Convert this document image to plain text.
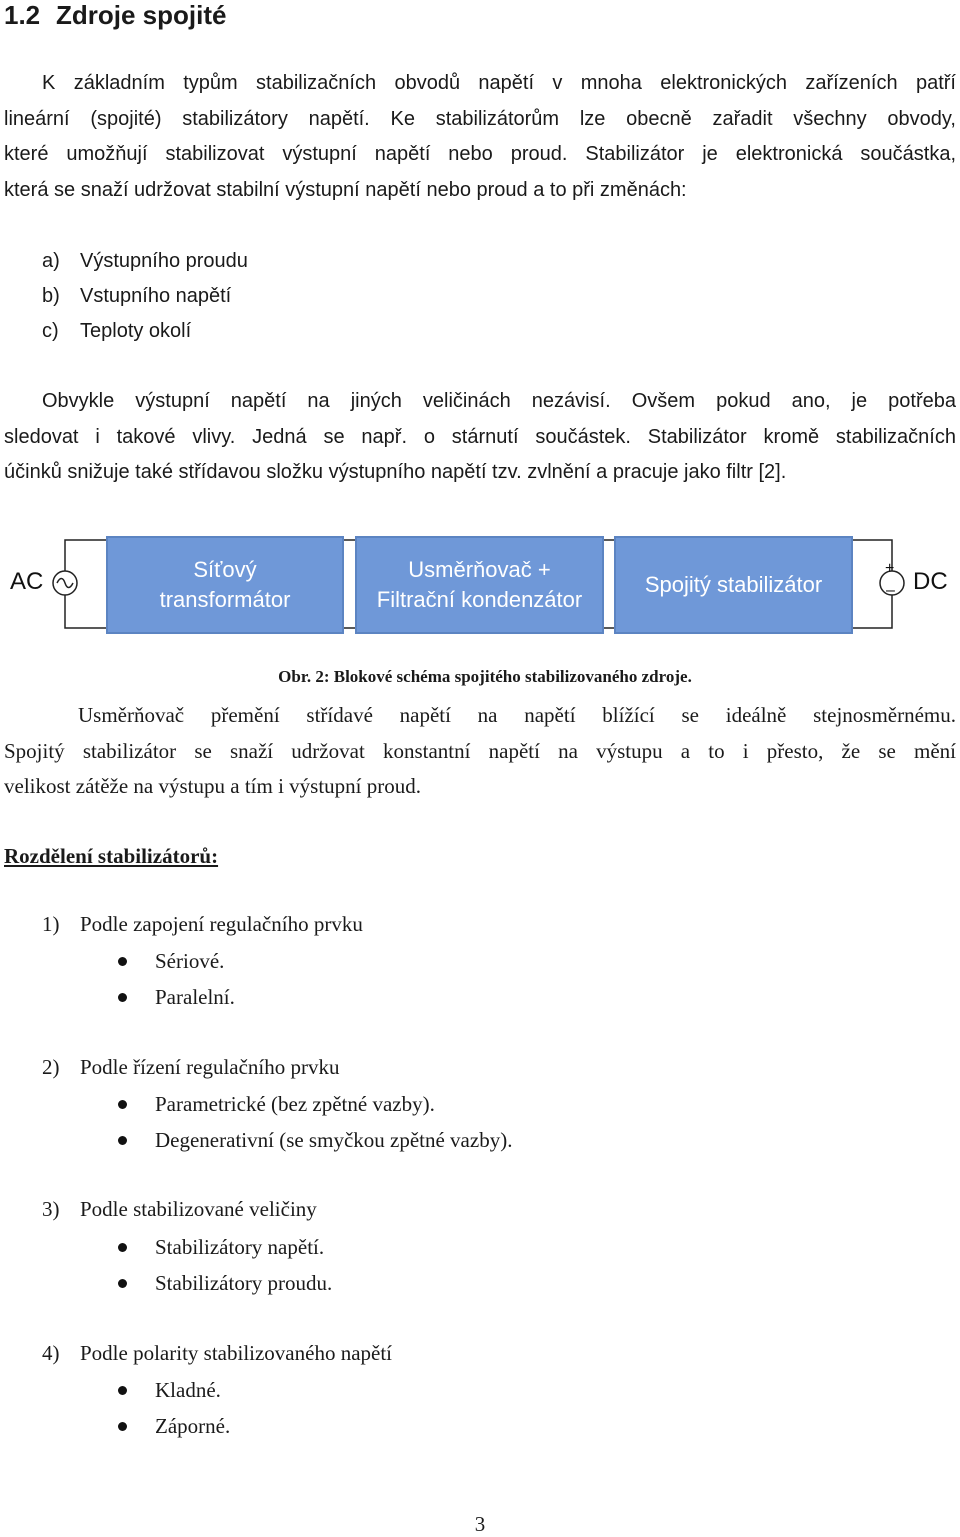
1.2 Zdroje spojité
K základním typům stabilizačních obvodů napětí v mnoha elektronických zařízeních patří
lineární (spojité) stabilizátory napětí. Ke stabilizátorům lze obecně zařadit všechny obvody,
které umožňují stabilizovat výstupní napětí nebo proud. Stabilizátor je elektronická součástka,
která se snaží udržovat stabilní výstupní napětí nebo proud a to při změnách:
a) Výstupního proudu
b) Vstupního napětí
c) Teploty okolí
Obvykle výstupní napětí na jiných veličinách nezávisí. Ovšem pokud ano, je potřeba
sledovat i takové vlivy. Jedná se např. o stárnutí součástek. Stabilizátor kromě stabilizačních
účinků snižuje také střídavou složku výstupního napětí tzv. zvlnění a pracuje jako filtr [2].
AC	DC
+
–
Síťový
transformátor
Usměrňovač +
Filtrační kondenzátor
Spojitý stabilizátor
Obr. 2: Blokové schéma spojitého stabilizovaného zdroje.
Usměrňovač přemění střídavé napětí na napětí blížící se ideálně stejnosměrnému.
Spojitý stabilizátor se snaží udržovat konstantní napětí na výstupu a to i přesto, že se mění
velikost zátěže na výstupu a tím i výstupní proud.
Rozdělení stabilizátorů:
1) Podle zapojení regulačního prvku
Sériové.
Paralelní.
2) Podle řízení regulačního prvku
Parametrické (bez zpětné vazby).
Degenerativní (se smyčkou zpětné vazby).
3) Podle stabilizované veličiny
Stabilizátory napětí.
Stabilizátory proudu.
4) Podle polarity stabilizovaného napětí
Kladné.
Záporné.
3
